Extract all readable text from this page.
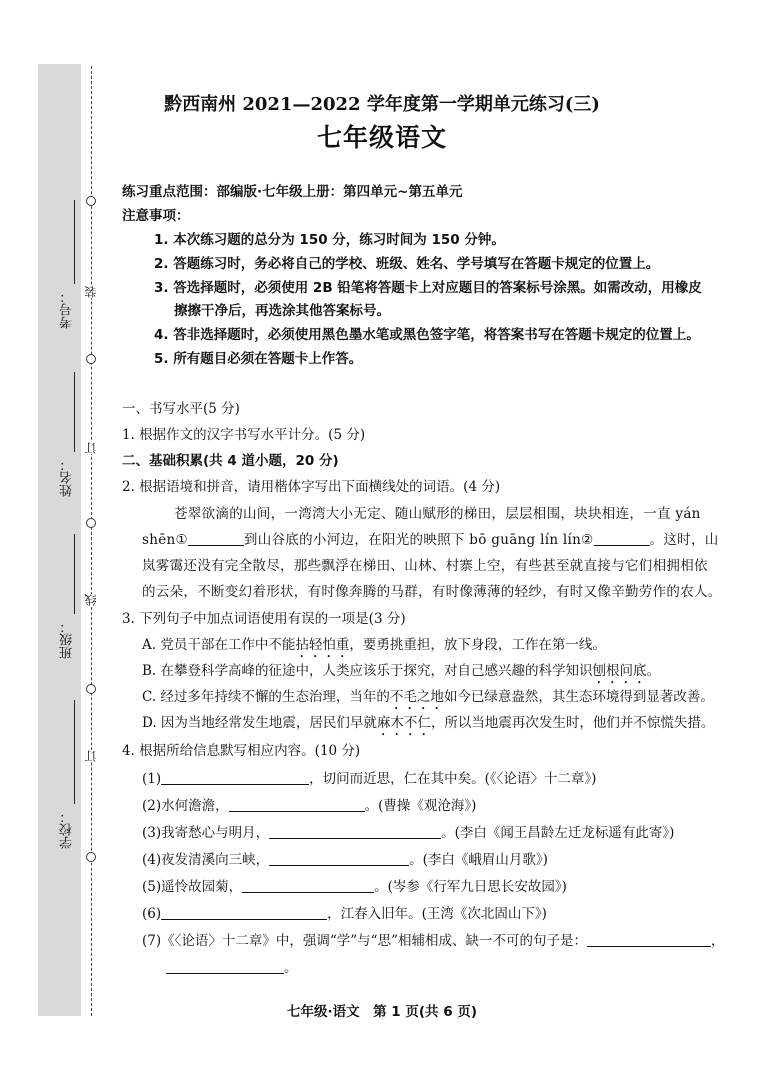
考号：
姓名：
班级：
学校：
装
订
线
订
黔西南州 2021—2022 学年度第一学期单元练习(三)
七年级语文
练习重点范围：部编版·七年级上册：第四单元~第五单元
注意事项：
1. 本次练习题的总分为 150 分，练习时间为 150 分钟。
2. 答题练习时，务必将自己的学校、班级、姓名、学号填写在答题卡规定的位置上。
3. 答选择题时，必须使用 2B 铅笔将答题卡上对应题目的答案标号涂黑。如需改动，用橡皮
擦擦干净后，再选涂其他答案标号。
4. 答非选择题时，必须使用黑色墨水笔或黑色签字笔，将答案书写在答题卡规定的位置上。
5. 所有题目必须在答题卡上作答。
一、书写水平(5 分)
1. 根据作文的汉字书写水平计分。(5 分)
二、基础积累(共 4 道小题，20 分)
2. 根据语境和拼音，请用楷体字写出下面横线处的词语。(4 分)
苍翠欲滴的山间，一湾湾大小无定、随山赋形的梯田，层层相围，块块相连，一直 yán
shēn①	到山谷底的小河边，在阳光的映照下 bō guāng lín lín②	。这时，山
岚雾霭还没有完全散尽，那些飘浮在梯田、山林、村寨上空，有些甚至就直接与它们相拥相依
的云朵，不断变幻着形状，有时像奔腾的马群，有时像薄薄的轻纱，有时又像辛勤劳作的农人。
3. 下列句子中加点词语使用有误的一项是(3 分)
A. 党员干部在工作中不能拈轻怕重，要勇挑重担，放下身段，工作在第一线。
B. 在攀登科学高峰的征途中，人类应该乐于探究，对自己感兴趣的科学知识刨根问底。
C. 经过多年持续不懈的生态治理，当年的不毛之地如今已绿意盎然，其生态环境得到显著改善。
D. 因为当地经常发生地震，居民们早就麻木不仁，所以当地震再次发生时，他们并不惊慌失措。
4. 根据所给信息默写相应内容。(10 分)
(1)	，切问而近思，仁在其中矣。(《〈论语〉十二章》)
(2)水何澹澹，	。(曹操《观沧海》)
(3)我寄愁心与明月，	。(李白《闻王昌龄左迁龙标遥有此寄》)
(4)夜发清溪向三峡，	。(李白《峨眉山月歌》)
(5)遥怜故园菊，	。(岑参《行军九日思长安故园》)
(6)	，江春入旧年。(王湾《次北固山下》)
(7)《〈论语〉十二章》中，强调“学”与“思”相辅相成、缺一不可的句子是：	，
。
七年级·语文　第 1 页(共 6 页)
